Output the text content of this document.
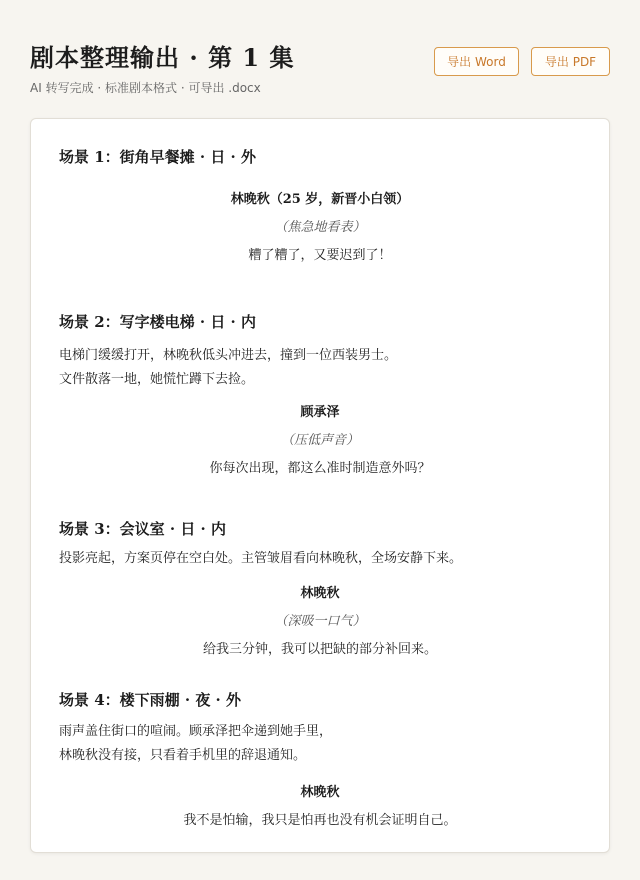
剧本整理输出 · 第 1 集
AI 转写完成 · 标准剧本格式 · 可导出 .docx
导出 Word	导出 PDF
场景 1：街角早餐摊 · 日 · 外
林晚秋（25 岁，新晋小白领）
（焦急地看表）
糟了糟了，又要迟到了！
场景 2：写字楼电梯 · 日 · 内
电梯门缓缓打开，林晚秋低头冲进去，撞到一位西装男士。
文件散落一地，她慌忙蹲下去捡。
顾承泽
（压低声音）
你每次出现，都这么准时制造意外吗？
场景 3：会议室 · 日 · 内
投影亮起，方案页停在空白处。主管皱眉看向林晚秋，全场安静下来。
林晚秋
（深吸一口气）
给我三分钟，我可以把缺的部分补回来。
场景 4：楼下雨棚 · 夜 · 外
雨声盖住街口的喧闹。顾承泽把伞递到她手里，
林晚秋没有接，只看着手机里的辞退通知。
林晚秋
我不是怕输，我只是怕再也没有机会证明自己。
